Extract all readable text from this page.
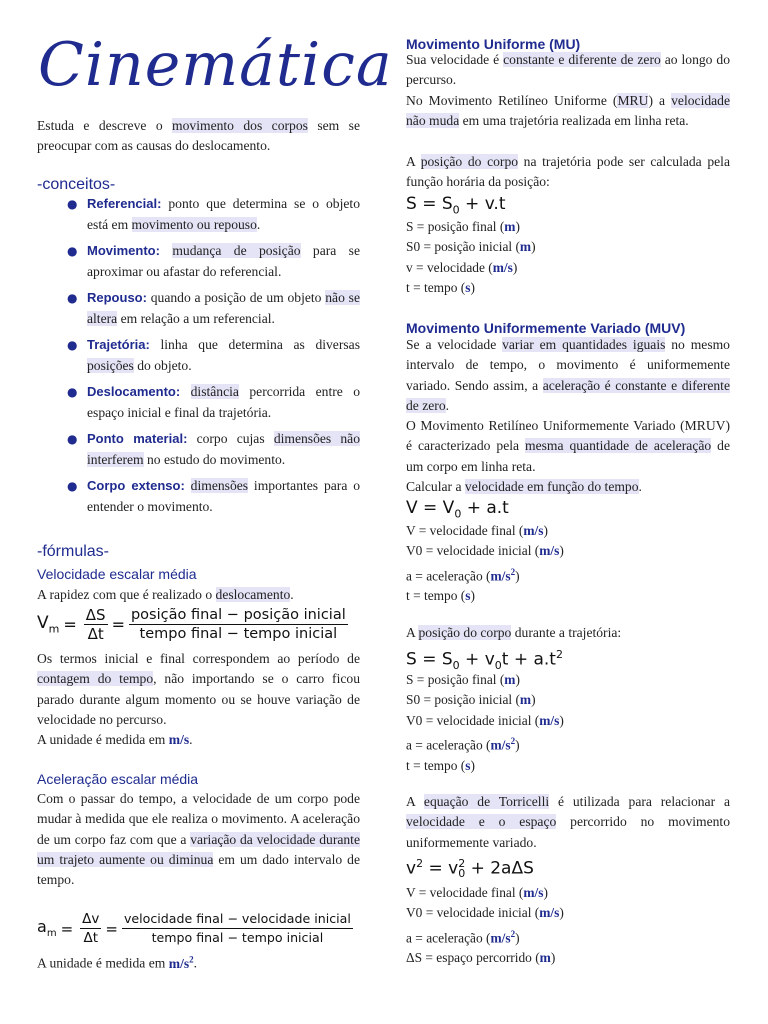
Cinemática

Estuda e descreve o movimento dos corpos sem se preocupar com as causas do deslocamento.

-conceitos-
● Referencial: ponto que determina se o objeto está em movimento ou repouso.
● Movimento: mudança de posição para se aproximar ou afastar do referencial.
● Repouso: quando a posição de um objeto não se altera em relação a um referencial.
● Trajetória: linha que determina as diversas posições do objeto.
● Deslocamento: distância percorrida entre o espaço inicial e final da trajetória.
● Ponto material: corpo cujas dimensões não interferem no estudo do movimento.
● Corpo extenso: dimensões importantes para o entender o movimento.
-fórmulas-
Velocidade escalar média

A rapidez com que é realizado o deslocamento.

$V_m = \frac{\Delta S}{\Delta t} = \frac{\text{posição final − posição inicial}}{\text{tempo final − tempo inicial}}$

Os termos inicial e final correspondem ao período de contagem do tempo, não importando se o carro ficou parado durante algum momento ou se houve variação de velocidade no percurso.

A unidade é medida em m/s.

Aceleração escalar média

Com o passar do tempo, a velocidade de um corpo pode mudar à medida que ele realiza o movimento. A aceleração de um corpo faz com que a variação da velocidade durante um trajeto aumente ou diminua em um dado intervalo de tempo.

$a_m = \frac{\Delta v}{\Delta t} = \frac{\text{velocidade final − velocidade inicial}}{\text{tempo final − tempo inicial}}$

A unidade é medida em $m/s^2$.

Movimento Uniforme (MU)

Sua velocidade é constante e diferente de zero ao longo do percurso.

No Movimento Retilíneo Uniforme (MRU) a velocidade não muda em uma trajetória realizada em linha reta.

A posição do corpo na trajetória pode ser calculada pela função horária da posição:

$S = S_0 + v.t$

S = posição final (m)

S0 = posição inicial (m)

v = velocidade (m/s)

t = tempo (s)

Movimento Uniformemente Variado (MUV)

Se a velocidade variar em quantidades iguais no mesmo intervalo de tempo, o movimento é uniformemente variado. Sendo assim, a aceleração é constante e diferente de zero.

O Movimento Retilíneo Uniformemente Variado (MRUV) é caracterizado pela mesma quantidade de aceleração de um corpo em linha reta.

Calcular a velocidade em função do tempo.

$V = V_0 + a.t$

V = velocidade final (m/s)

V0 = velocidade inicial (m/s)

a = aceleração $(m/s^2)$

t = tempo (s)

A posição do corpo durante a trajetória:

$S = S_0 + v_0t + a.t^2$

S = posição final (m)

S0 = posição inicial (m)

V0 = velocidade inicial (m/s)

a = aceleração $(m/s^2)$

t = tempo (s)

A equação de Torricelli é utilizada para relacionar a velocidade e o espaço percorrido no movimento uniformemente variado.

$v^2 = v$ 2
0 + 2aΔS

V = velocidade final (m/s)

V0 = velocidade inicial (m/s)

a = aceleração $(m/s^2)$

ΔS = espaço percorrido (m)
